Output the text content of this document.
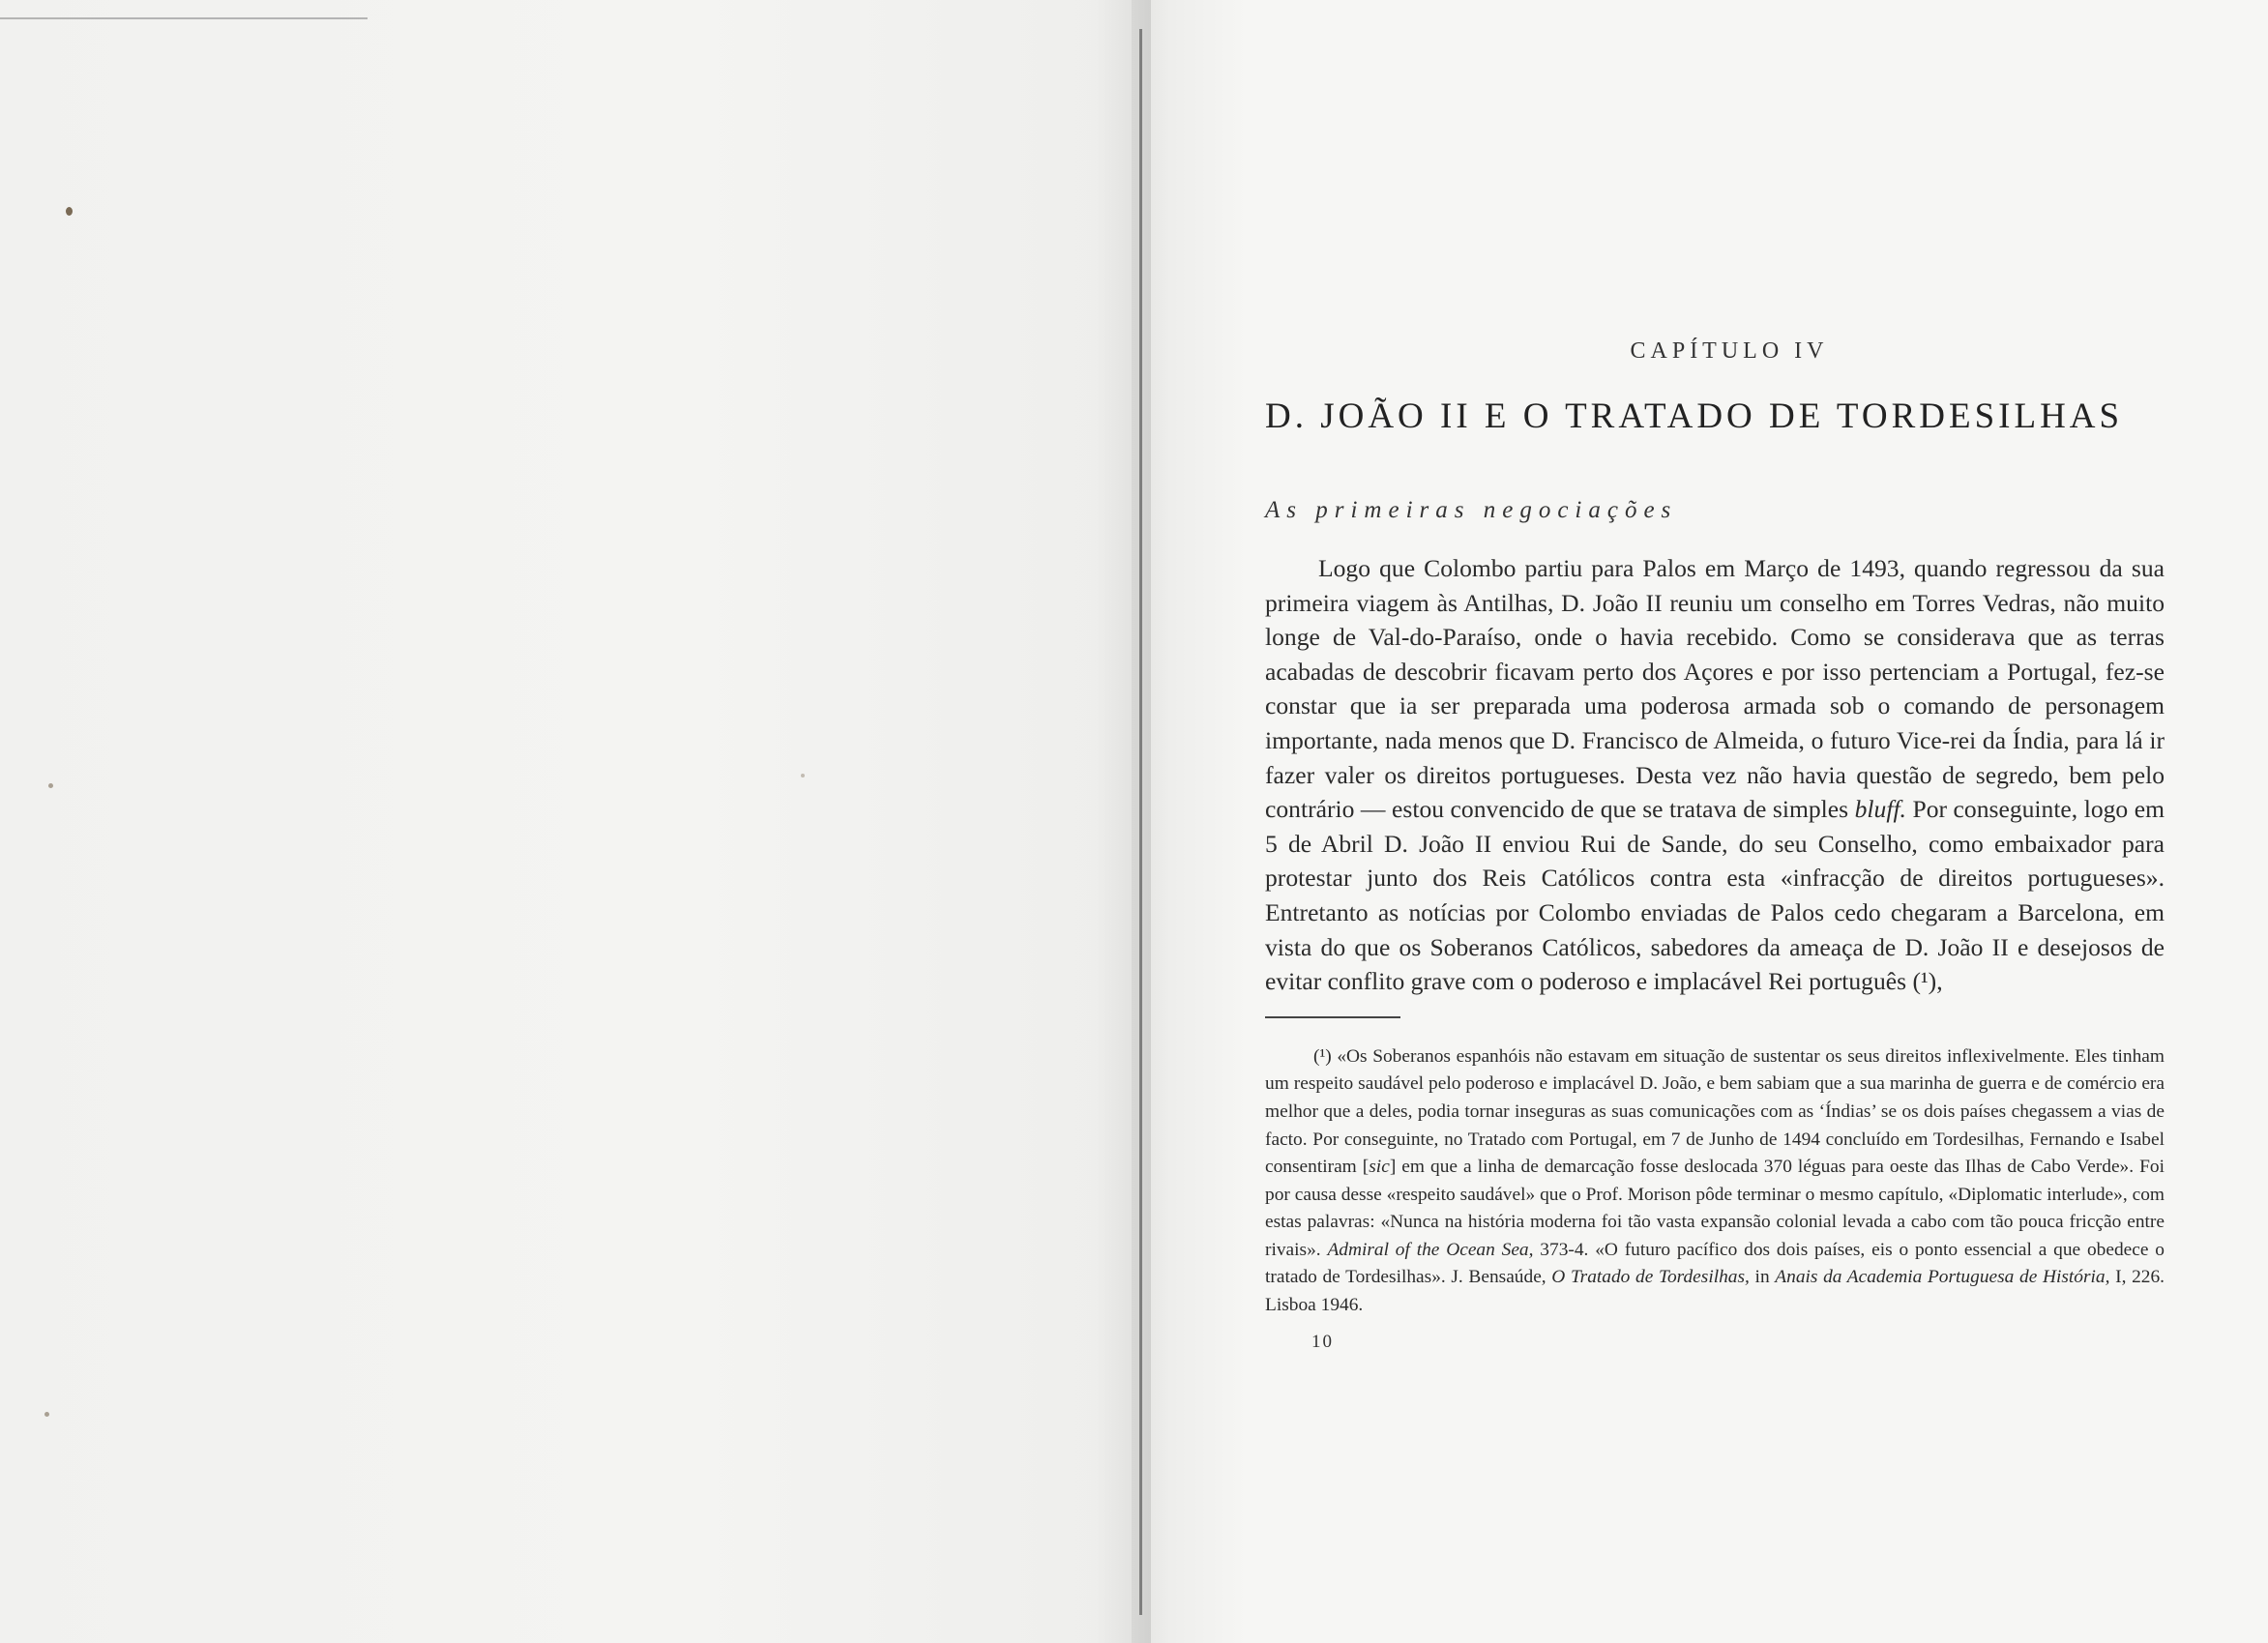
CAPÍTULO IV
D. JOÃO II E O TRATADO DE TORDESILHAS
As primeiras negociações

Logo que Colombo partiu para Palos em Março de 1493, quando regressou da sua primeira viagem às Antilhas, D. João II reuniu um conselho em Torres Vedras, não muito longe de Val-do-Paraíso, onde o havia recebido. Como se considerava que as terras acabadas de descobrir ficavam perto dos Açores e por isso pertenciam a Portugal, fez-se constar que ia ser preparada uma poderosa armada sob o comando de personagem importante, nada menos que D. Francisco de Almeida, o futuro Vice-rei da Índia, para lá ir fazer valer os direitos portugueses. Desta vez não havia questão de segredo, bem pelo contrário — estou convencido de que se tratava de simples bluff. Por conseguinte, logo em 5 de Abril D. João II enviou Rui de Sande, do seu Conselho, como embaixador para protestar junto dos Reis Católicos contra esta «infracção de direitos portugueses». Entretanto as notícias por Colombo enviadas de Palos cedo chegaram a Barcelona, em vista do que os Soberanos Católicos, sabedores da ameaça de D. João II e desejosos de evitar conflito grave com o poderoso e implacável Rei português (¹),

(¹) «Os Soberanos espanhóis não estavam em situação de sustentar os seus direitos inflexivelmente. Eles tinham um respeito saudável pelo poderoso e implacável D. João, e bem sabiam que a sua marinha de guerra e de comércio era melhor que a deles, podia tornar inseguras as suas comunicações com as ‘Índias’ se os dois países chegassem a vias de facto. Por conseguinte, no Tratado com Portugal, em 7 de Junho de 1494 concluído em Tordesilhas, Fernando e Isabel consentiram [sic] em que a linha de demarcação fosse deslocada 370 léguas para oeste das Ilhas de Cabo Verde». Foi por causa desse «respeito saudável» que o Prof. Morison pôde terminar o mesmo capítulo, «Diplomatic interlude», com estas palavras: «Nunca na história moderna foi tão vasta expansão colonial levada a cabo com tão pouca fricção entre rivais». Admiral of the Ocean Sea, 373-4. «O futuro pacífico dos dois países, eis o ponto essencial a que obedece o tratado de Tordesilhas». J. Bensaúde, O Tratado de Tordesilhas, in Anais da Academia Portuguesa de História, I, 226. Lisboa 1946.

10
